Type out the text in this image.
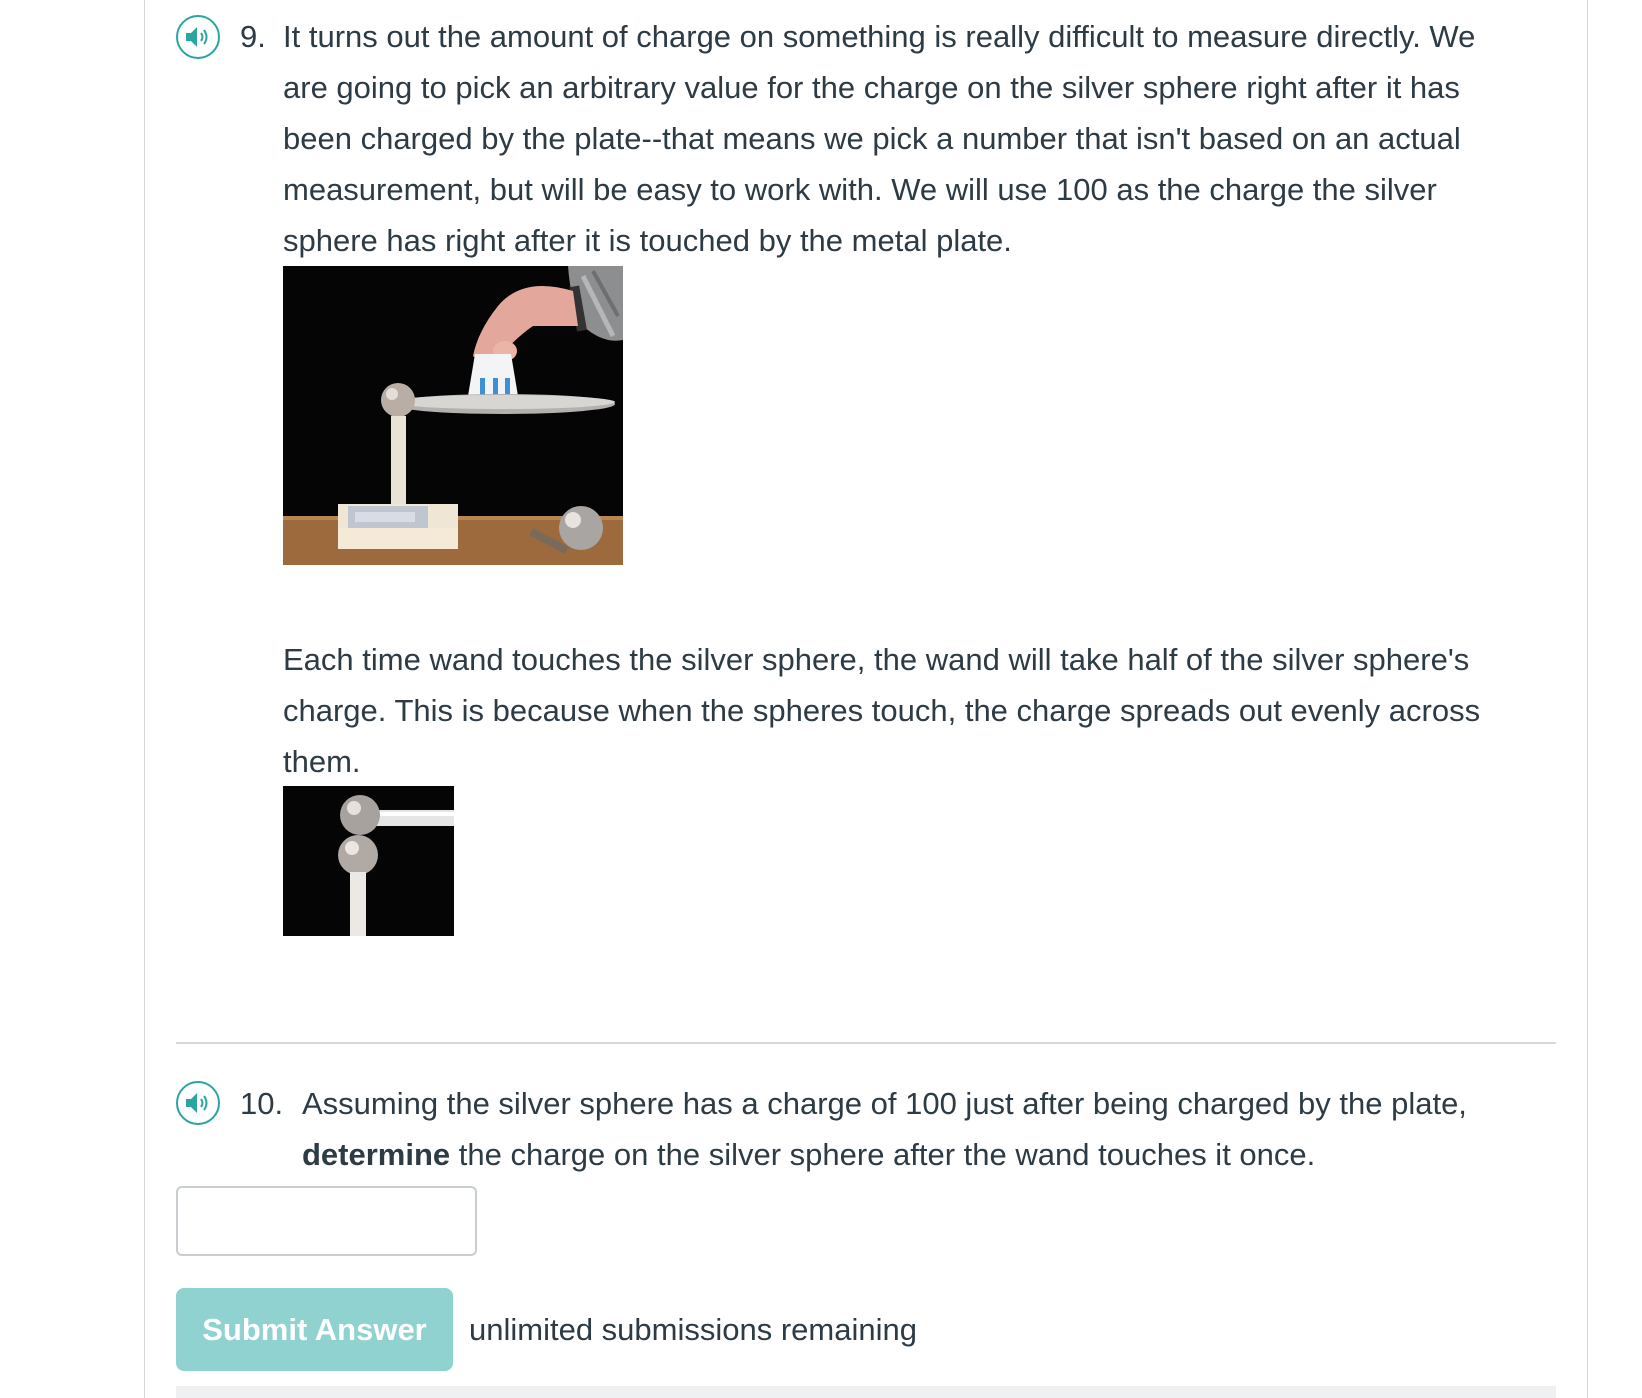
9. It turns out the amount of charge on something is really difficult to measure directly. We
are going to pick an arbitrary value for the charge on the silver sphere right after it has
been charged by the plate--that means we pick a number that isn't based on an actual
measurement, but will be easy to work with. We will use 100 as the charge the silver
sphere has right after it is touched by the metal plate.
Each time wand touches the silver sphere, the wand will take half of the silver sphere's
charge. This is because when the spheres touch, the charge spreads out evenly across
them.
10. Assuming the silver sphere has a charge of 100 just after being charged by the plate,
determine the charge on the silver sphere after the wand touches it once.
Submit Answer	unlimited submissions remaining
